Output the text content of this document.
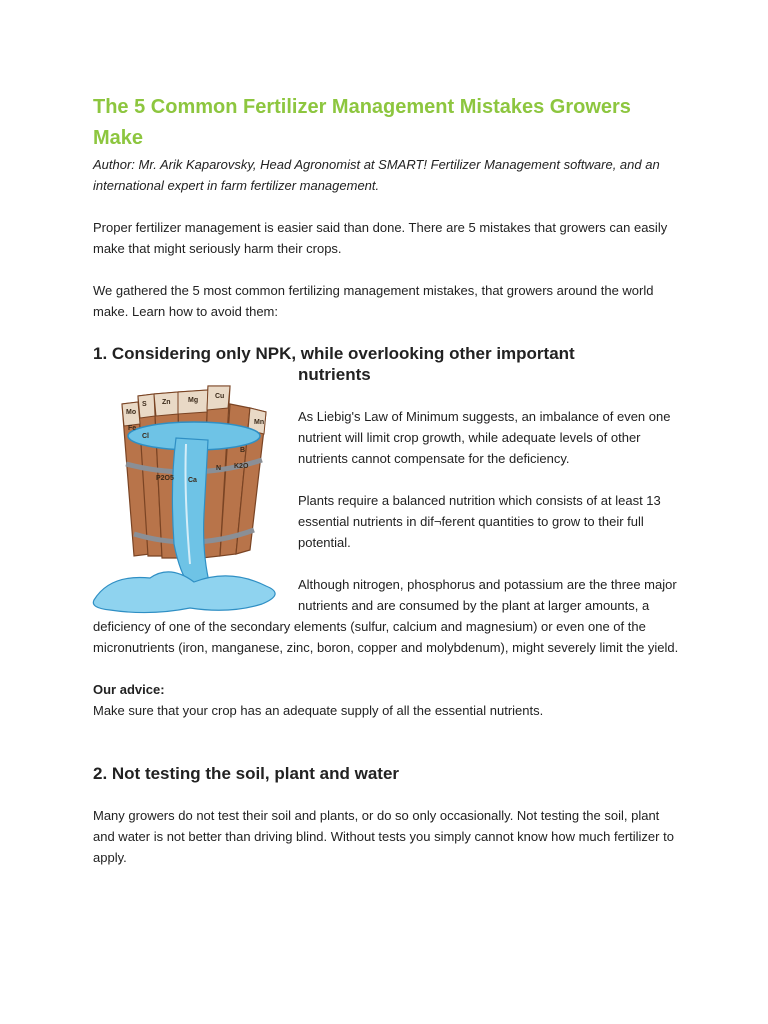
The 5 Common Fertilizer Management Mistakes Growers Make

Author: Mr. Arik Kaparovsky, Head Agronomist at SMART! Fertilizer Management software, and an international expert in farm fertilizer management.

Proper fertilizer management is easier said than done. There are 5 mistakes that growers can easily make that might seriously harm their crops.

We gathered the 5 most common fertilizing management mistakes, that growers around the world make. Learn how to avoid them:

1. Considering only NPK, while overlooking other important
Mo
S Zn Mg
Cu
Mn
Fe
Cl
P2O5 Ca
N K2O
B
nutrients

As Liebig's Law of Minimum suggests, an imbalance of even one nutrient will limit crop growth, while adequate levels of other nutrients cannot compensate for the deficiency.

Plants require a balanced nutrition which consists of at least 13 essential nutrients in dif¬ferent quantities to grow to their full potential.

Although nitrogen, phosphorus and potassium are the three major nutrients and are consumed by the plant at larger amounts, a deficiency of one of the secondary elements (sulfur, calcium and magnesium) or even one of the micronutrients (iron, manganese, zinc, boron, copper and molybdenum), might severely limit the yield.

Our advice:

Make sure that your crop has an adequate supply of all the essential nutrients.

2. Not testing the soil, plant and water

Many growers do not test their soil and plants, or do so only occasionally. Not testing the soil, plant and water is not better than driving blind. Without tests you simply cannot know how much fertilizer to apply.
